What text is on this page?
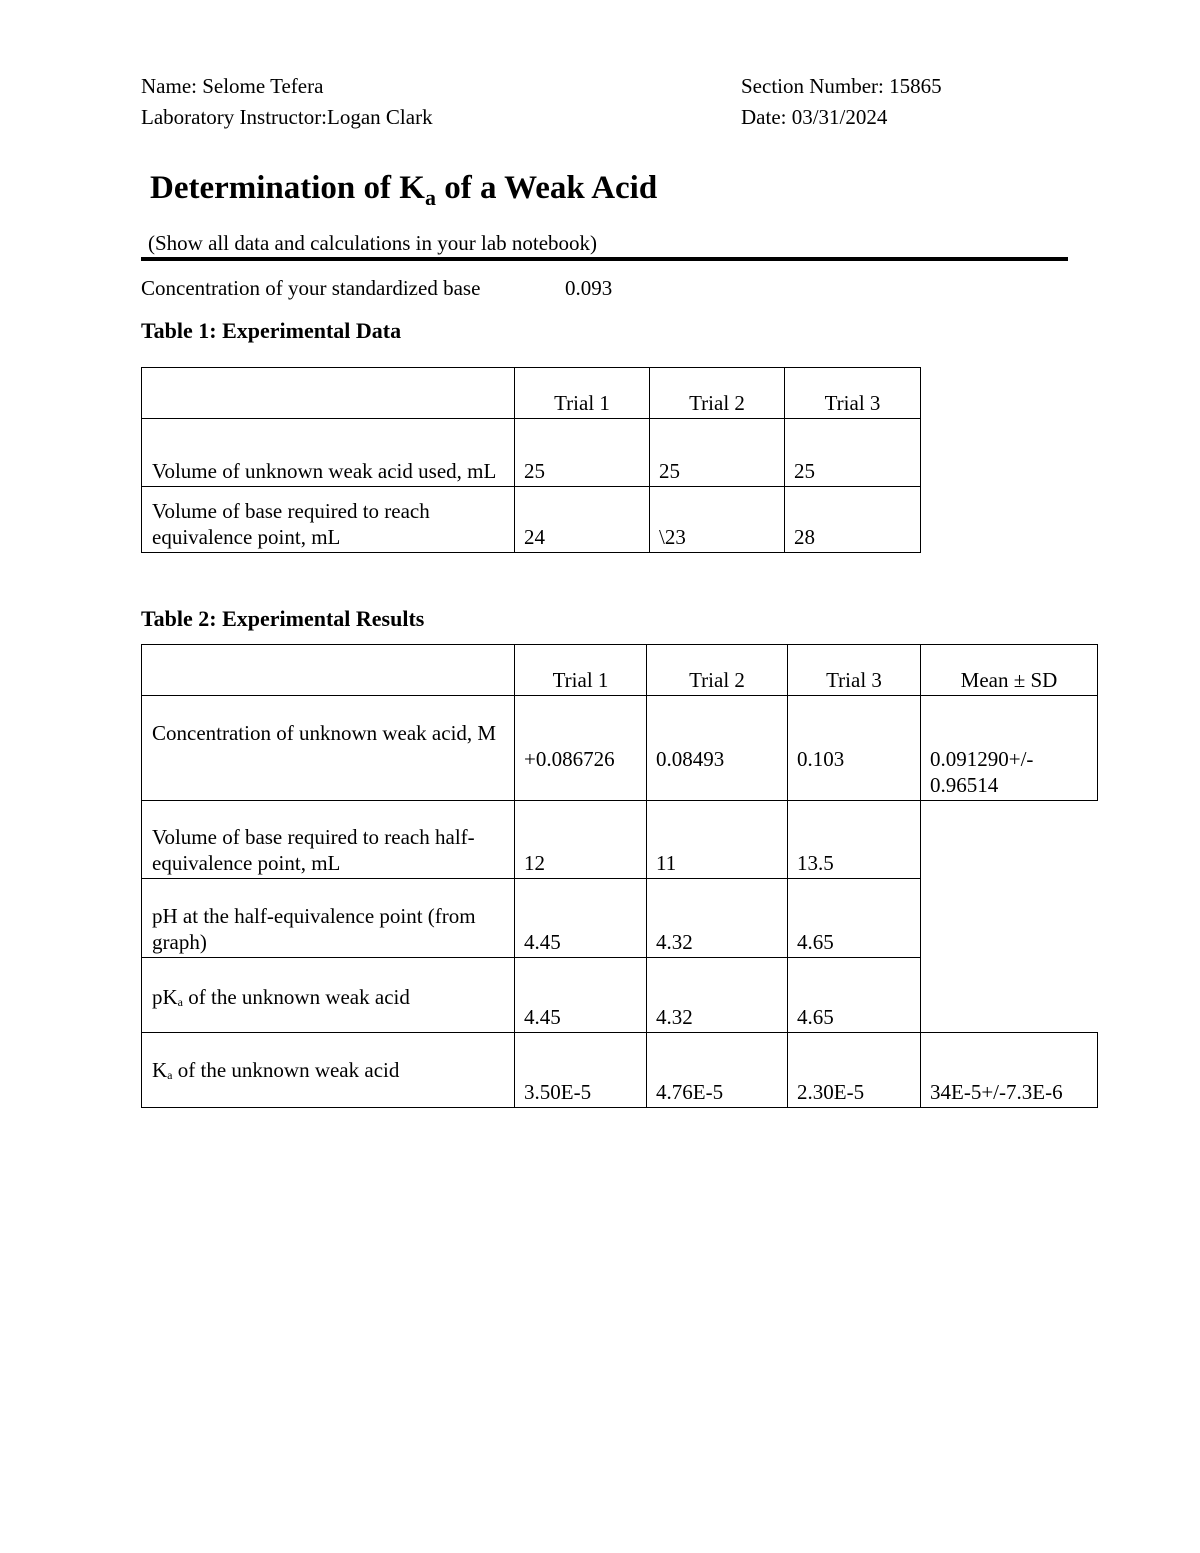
Name: Selome Tefera
Laboratory Instructor:Logan Clark
Section Number: 15865
Date: 03/31/2024
Determination of $K_a$ of a Weak Acid
(Show all data and calculations in your lab notebook)
Concentration of your standardized base	0.093
Table 1: Experimental Data
	Trial 1	Trial 2	Trial 3

Volume of unknown weak acid used, mL	25	25	25

Volume of base required to reach equivalence point, mL	24	\23	28
Table 2: Experimental Results
	Trial 1	Trial 2	Trial 3	Mean ± SD

Concentration of unknown weak acid, M	+0.086726	0.08493	0.103	0.091290+/- 0.96514

Volume of base required to reach half-equivalence point, mL	12	11	13.5	

pH at the half-equivalence point (from graph)	4.45	4.32	4.65	

pKa of the unknown weak acid	4.45	4.32	4.65	

Ka of the unknown weak acid	3.50E-5	4.76E-5	2.30E-5	34E-5+/-7.3E-6
